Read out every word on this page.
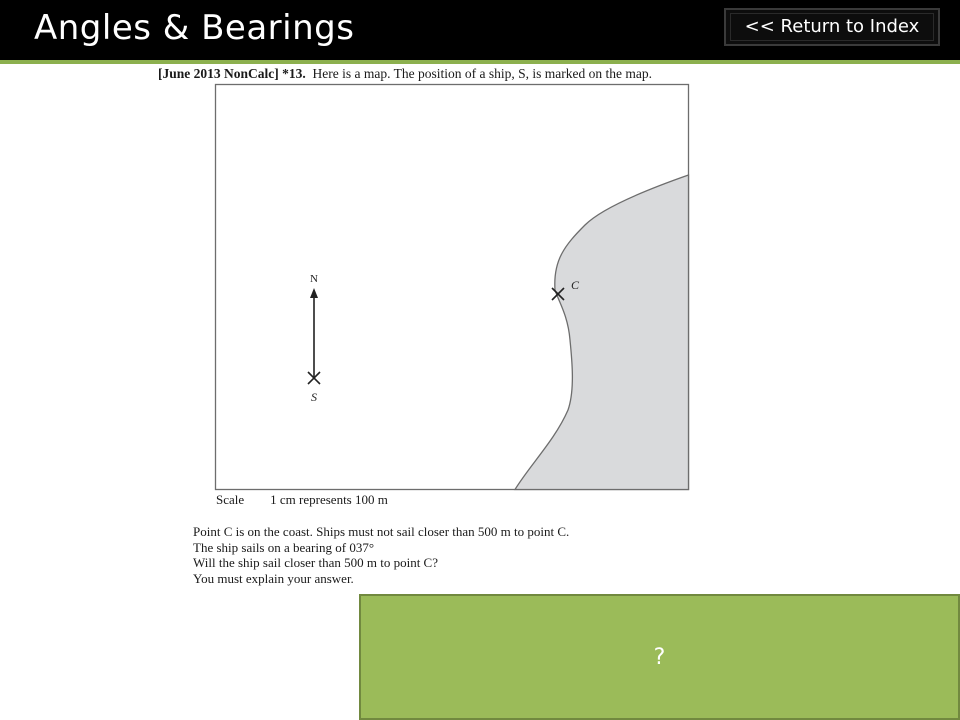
Angles & Bearings	<< Return to Index
[June 2013 NonCalc] *13. Here is a map. The position of a ship, S, is marked on the map.
N
S
C
Scale 1 cm represents 100 m
Point C is on the coast. Ships must not sail closer than 500 m to point C.
The ship sails on a bearing of 037°
Will the ship sail closer than 500 m to point C?
You must explain your answer.
?
